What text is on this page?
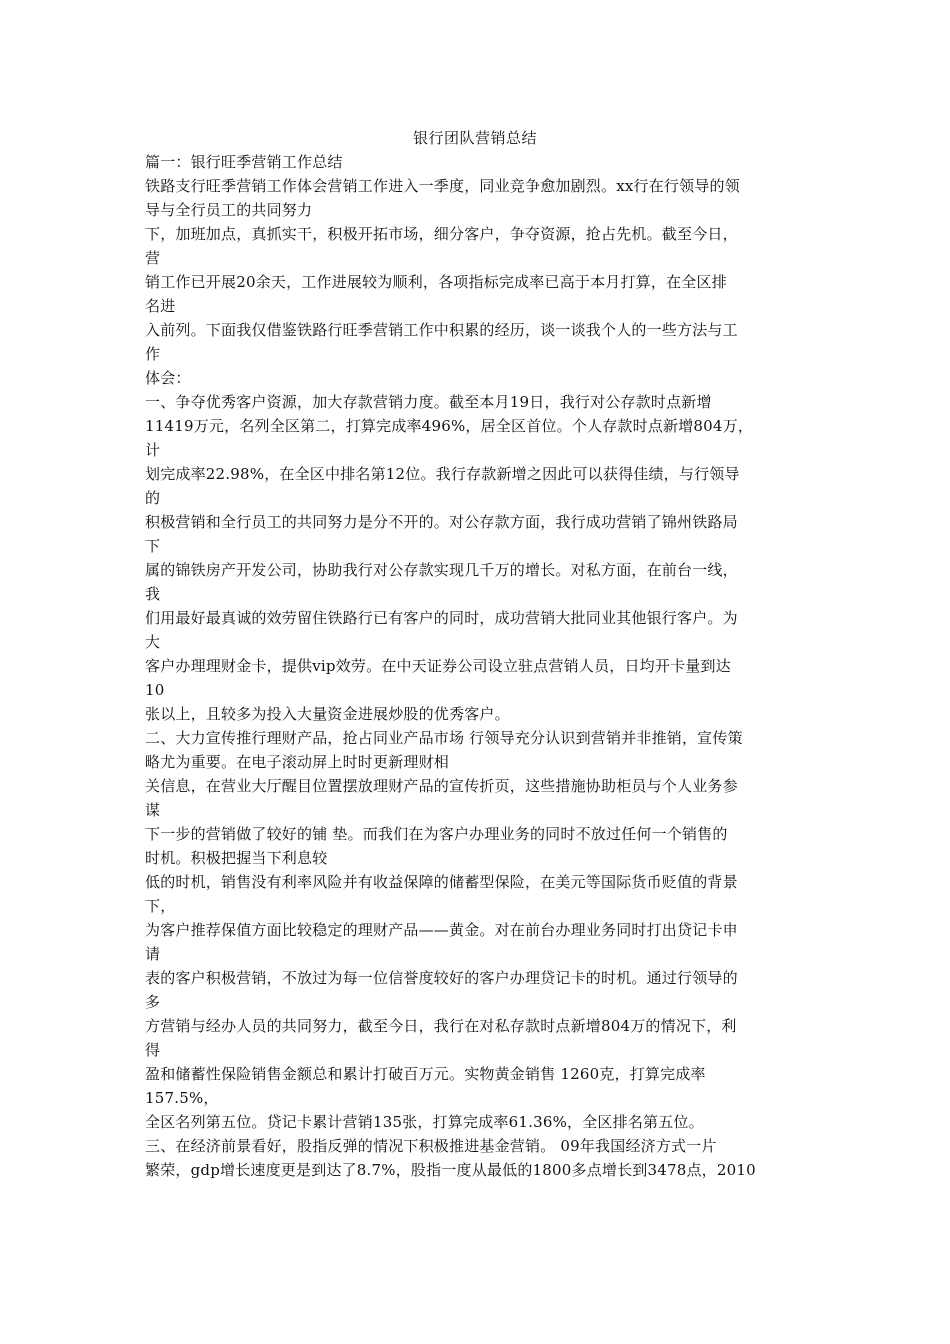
银行团队营销总结
篇一：银行旺季营销工作总结
铁路支行旺季营销工作体会营销工作进入一季度，同业竞争愈加剧烈。xx行在行领导的领
导与全行员工的共同努力
下，加班加点，真抓实干，积极开拓市场，细分客户，争夺资源，抢占先机。截至今日，
营
销工作已开展20余天，工作进展较为顺利，各项指标完成率已高于本月打算，在全区排
名进
入前列。下面我仅借鉴铁路行旺季营销工作中积累的经历，谈一谈我个人的一些方法与工
作
体会：
一、争夺优秀客户资源，加大存款营销力度。截至本月19日，我行对公存款时点新增
11419万元，名列全区第二，打算完成率496%，居全区首位。个人存款时点新增804万，
计
划完成率22.98%，在全区中排名第12位。我行存款新增之因此可以获得佳绩，与行领导
的
积极营销和全行员工的共同努力是分不开的。对公存款方面，我行成功营销了锦州铁路局
下
属的锦铁房产开发公司，协助我行对公存款实现几千万的增长。对私方面，在前台一线，
我
们用最好最真诚的效劳留住铁路行已有客户的同时，成功营销大批同业其他银行客户。为
大
客户办理理财金卡，提供vip效劳。在中天证券公司设立驻点营销人员，日均开卡量到达
10
张以上，且较多为投入大量资金进展炒股的优秀客户。
二、大力宣传推行理财产品，抢占同业产品市场 行领导充分认识到营销并非推销，宣传策
略尤为重要。在电子滚动屏上时时更新理财相
关信息，在营业大厅醒目位置摆放理财产品的宣传折页，这些措施协助柜员与个人业务参
谋
下一步的营销做了较好的铺 垫。而我们在为客户办理业务的同时不放过任何一个销售的
时机。积极把握当下利息较
低的时机，销售没有利率风险并有收益保障的储蓄型保险，在美元等国际货币贬值的背景
下，
为客户推荐保值方面比较稳定的理财产品——黄金。对在前台办理业务同时打出贷记卡申
请
表的客户积极营销，不放过为每一位信誉度较好的客户办理贷记卡的时机。通过行领导的
多
方营销与经办人员的共同努力，截至今日，我行在对私存款时点新增804万的情况下，利
得
盈和储蓄性保险销售金额总和累计打破百万元。实物黄金销售 1260克，打算完成率
157.5%，
全区名列第五位。贷记卡累计营销135张，打算完成率61.36%，全区排名第五位。
三、在经济前景看好，股指反弹的情况下积极推进基金营销。 09年我国经济方式一片
繁荣，gdp增长速度更是到达了8.7%，股指一度从最低的1800多点增长到3478点，2010
